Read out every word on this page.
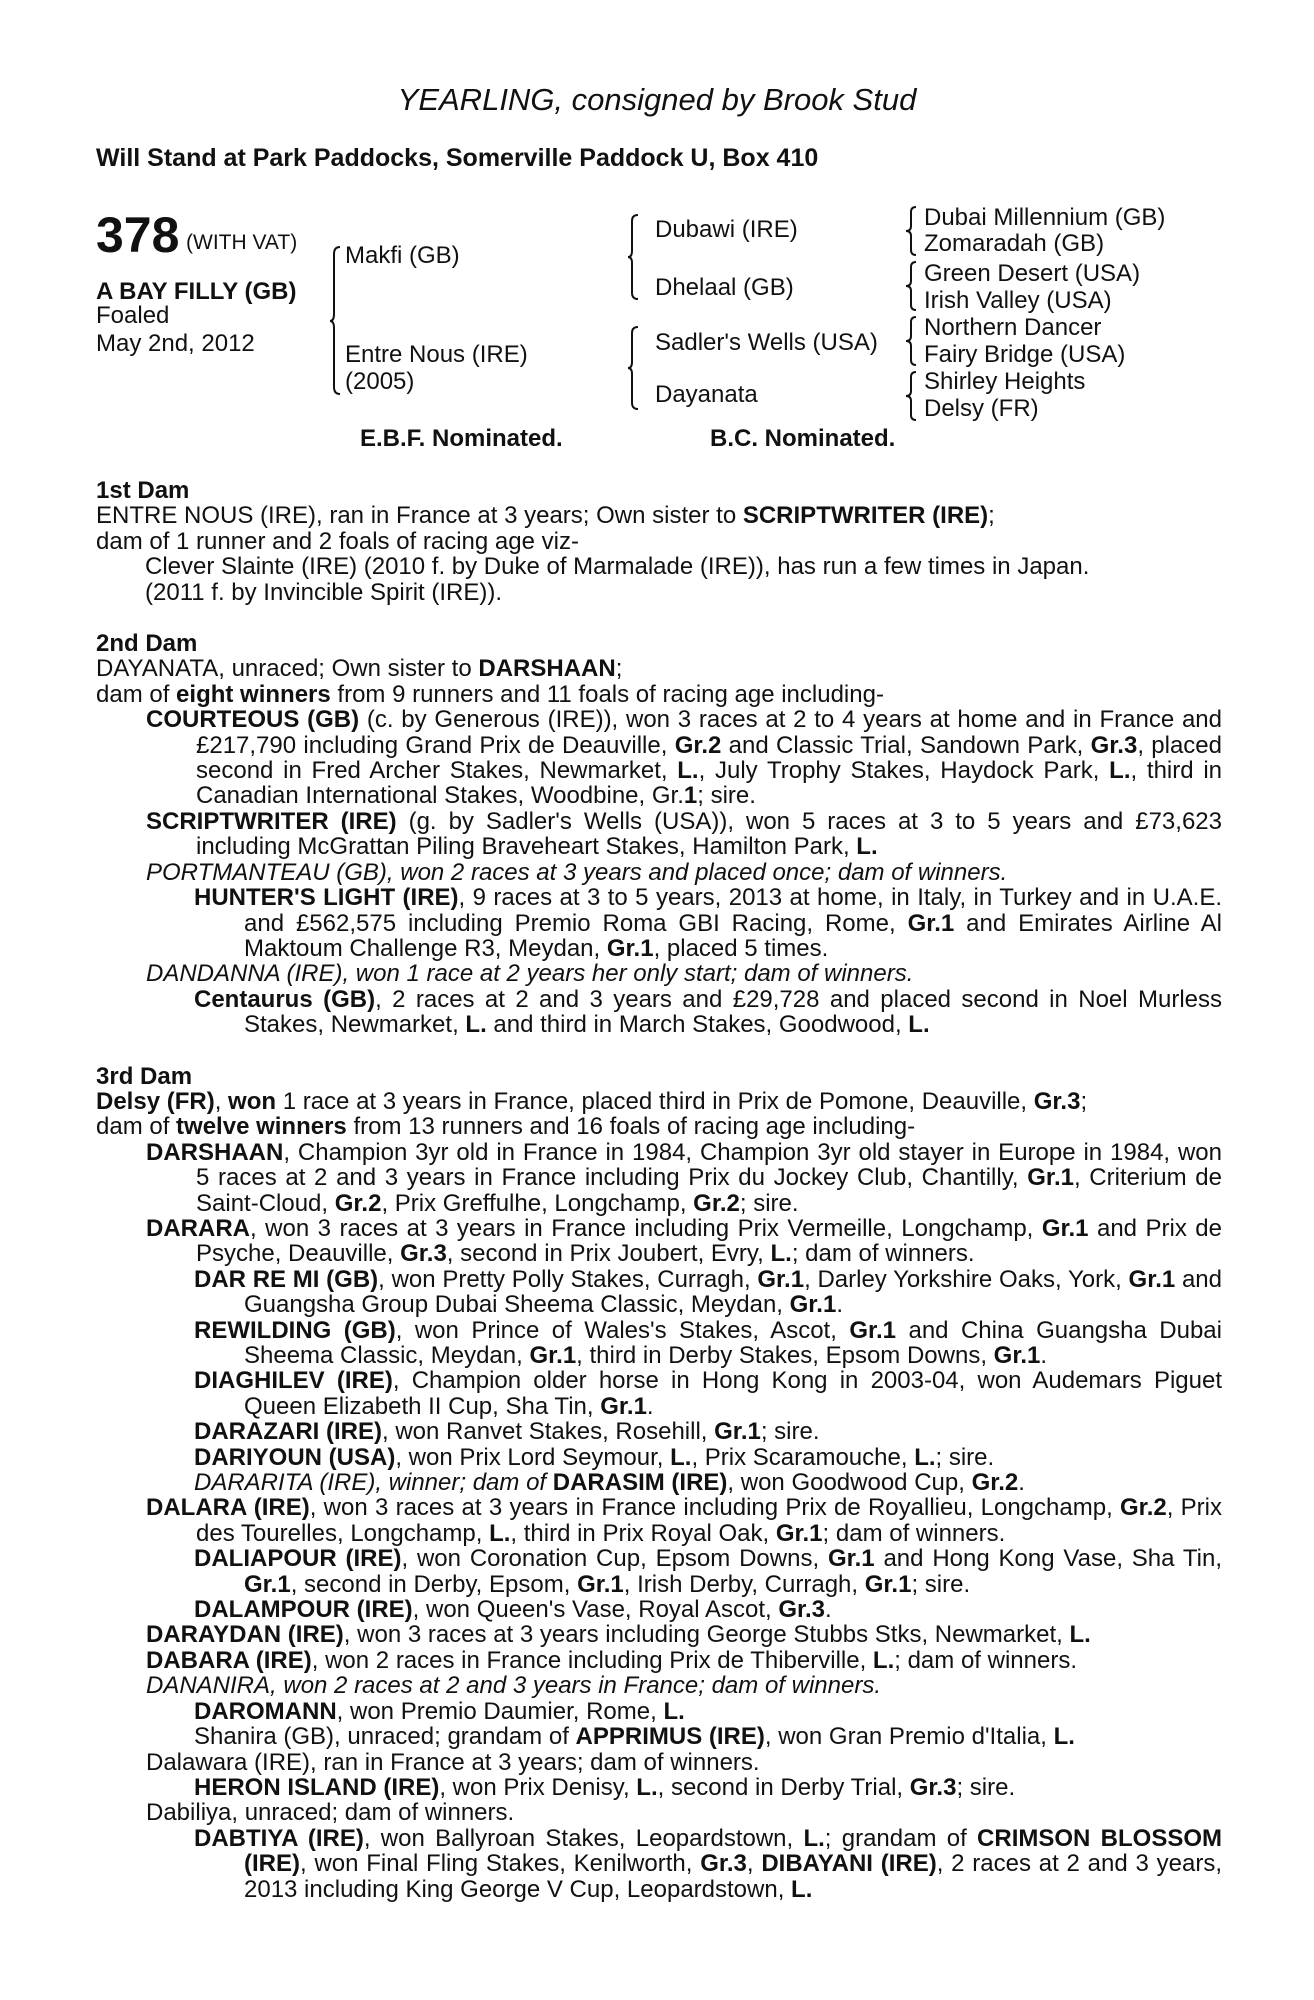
YEARLING, consigned by Brook Stud
Will Stand at Park Paddocks, Somerville Paddock U, Box 410
378 (WITH VAT)
A BAY FILLY (GB)
Foaled
May 2nd, 2012
Makfi (GB)
Entre Nous (IRE)
(2005)
Dubawi (IRE)
Dhelaal (GB)
Sadler's Wells (USA)
Dayanata
Dubai Millennium (GB)
Zomaradah (GB)
Green Desert (USA)
Irish Valley (USA)
Northern Dancer
Fairy Bridge (USA)
Shirley Heights
Delsy (FR)
E.B.F. Nominated.	B.C. Nominated.

1st Dam

ENTRE NOUS (IRE), ran in France at 3 years; Own sister to SCRIPTWRITER (IRE);

dam of 1 runner and 2 foals of racing age viz-

Clever Slainte (IRE) (2010 f. by Duke of Marmalade (IRE)), has run a few times in Japan.

(2011 f. by Invincible Spirit (IRE)).

2nd Dam

DAYANATA, unraced; Own sister to DARSHAAN;

dam of eight winners from 9 runners and 11 foals of racing age including-

COURTEOUS (GB) (c. by Generous (IRE)), won 3 races at 2 to 4 years at home and in France and £217,790 including Grand Prix de Deauville, Gr.2 and Classic Trial, Sandown Park, Gr.3, placed second in Fred Archer Stakes, Newmarket, L., July Trophy Stakes, Haydock Park, L., third in Canadian International Stakes, Woodbine, Gr.1; sire.

SCRIPTWRITER (IRE) (g. by Sadler's Wells (USA)), won 5 races at 3 to 5 years and £73,623 including McGrattan Piling Braveheart Stakes, Hamilton Park, L.

PORTMANTEAU (GB), won 2 races at 3 years and placed once; dam of winners.

HUNTER'S LIGHT (IRE), 9 races at 3 to 5 years, 2013 at home, in Italy, in Turkey and in U.A.E. and £562,575 including Premio Roma GBI Racing, Rome, Gr.1 and Emirates Airline Al Maktoum Challenge R3, Meydan, Gr.1, placed 5 times.

DANDANNA (IRE), won 1 race at 2 years her only start; dam of winners.

Centaurus (GB), 2 races at 2 and 3 years and £29,728 and placed second in Noel Murless Stakes, Newmarket, L. and third in March Stakes, Goodwood, L.

3rd Dam

Delsy (FR), won 1 race at 3 years in France, placed third in Prix de Pomone, Deauville, Gr.3;

dam of twelve winners from 13 runners and 16 foals of racing age including-

DARSHAAN, Champion 3yr old in France in 1984, Champion 3yr old stayer in Europe in 1984, won 5 races at 2 and 3 years in France including Prix du Jockey Club, Chantilly, Gr.1, Criterium de Saint-Cloud, Gr.2, Prix Greffulhe, Longchamp, Gr.2; sire.

DARARA, won 3 races at 3 years in France including Prix Vermeille, Longchamp, Gr.1 and Prix de Psyche, Deauville, Gr.3, second in Prix Joubert, Evry, L.; dam of winners.

DAR RE MI (GB), won Pretty Polly Stakes, Curragh, Gr.1, Darley Yorkshire Oaks, York, Gr.1 and Guangsha Group Dubai Sheema Classic, Meydan, Gr.1.

REWILDING (GB), won Prince of Wales's Stakes, Ascot, Gr.1 and China Guangsha Dubai Sheema Classic, Meydan, Gr.1, third in Derby Stakes, Epsom Downs, Gr.1.

DIAGHILEV (IRE), Champion older horse in Hong Kong in 2003-04, won Audemars Piguet Queen Elizabeth II Cup, Sha Tin, Gr.1.

DARAZARI (IRE), won Ranvet Stakes, Rosehill, Gr.1; sire.

DARIYOUN (USA), won Prix Lord Seymour, L., Prix Scaramouche, L.; sire.

DARARITA (IRE), winner; dam of DARASIM (IRE), won Goodwood Cup, Gr.2.

DALARA (IRE), won 3 races at 3 years in France including Prix de Royallieu, Longchamp, Gr.2, Prix des Tourelles, Longchamp, L., third in Prix Royal Oak, Gr.1; dam of winners.

DALIAPOUR (IRE), won Coronation Cup, Epsom Downs, Gr.1 and Hong Kong Vase, Sha Tin, Gr.1, second in Derby, Epsom, Gr.1, Irish Derby, Curragh, Gr.1; sire.

DALAMPOUR (IRE), won Queen's Vase, Royal Ascot, Gr.3.

DARAYDAN (IRE), won 3 races at 3 years including George Stubbs Stks, Newmarket, L.

DABARA (IRE), won 2 races in France including Prix de Thiberville, L.; dam of winners.

DANANIRA, won 2 races at 2 and 3 years in France; dam of winners.

DAROMANN, won Premio Daumier, Rome, L.

Shanira (GB), unraced; grandam of APPRIMUS (IRE), won Gran Premio d'Italia, L.

Dalawara (IRE), ran in France at 3 years; dam of winners.

HERON ISLAND (IRE), won Prix Denisy, L., second in Derby Trial, Gr.3; sire.

Dabiliya, unraced; dam of winners.

DABTIYA (IRE), won Ballyroan Stakes, Leopardstown, L.; grandam of CRIMSON BLOSSOM (IRE), won Final Fling Stakes, Kenilworth, Gr.3, DIBAYANI (IRE), 2 races at 2 and 3 years, 2013 including King George V Cup, Leopardstown, L.
